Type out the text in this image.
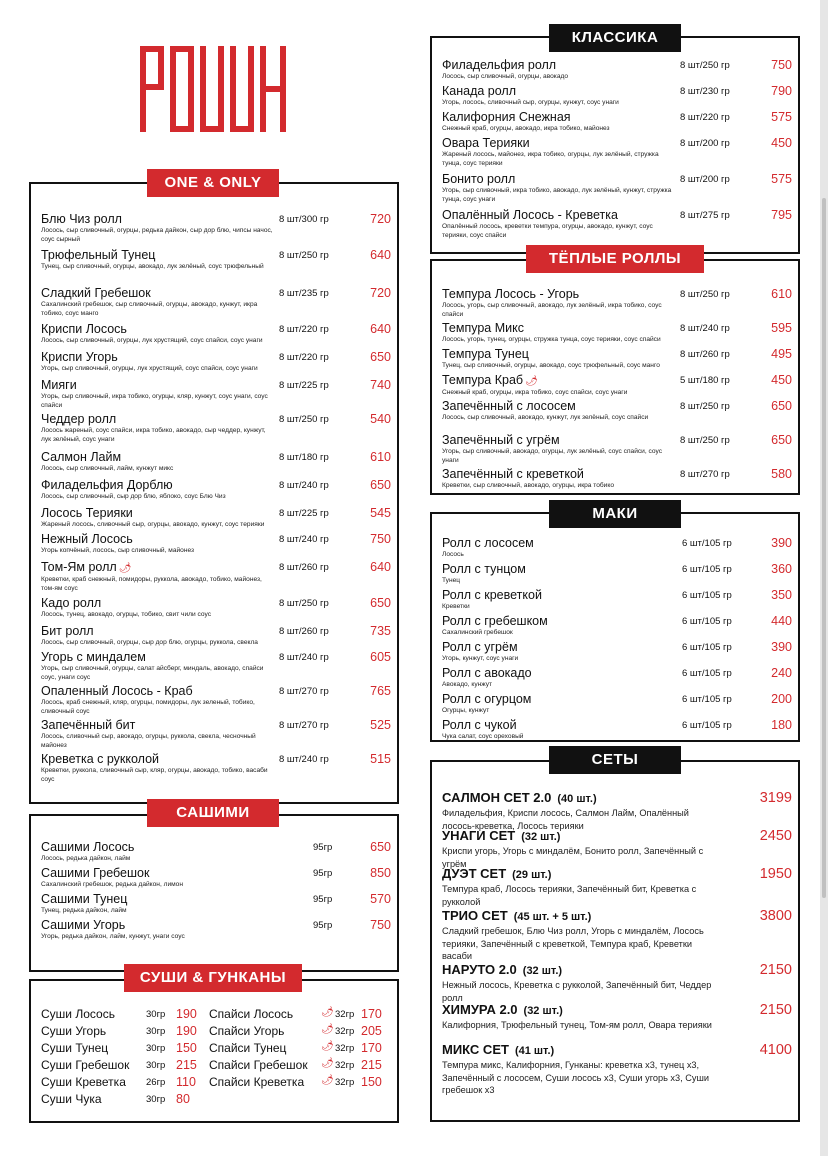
Блю Чиз ролл
Лосось, сыр сливочный, огурцы, редька дайкон, сыр дор блю, чипсы начос, соус сырный
8 шт/300 гр	720
Трюфельный Тунец
Тунец, сыр сливочный, огурцы, авокадо, лук зелёный, соус трюфельный
8 шт/250 гр	640
Сладкий Гребешок
Сахалинский гребешок, сыр сливочный, огурцы, авокадо, кунжут, икра тобико, соус манго
8 шт/235 гр	720
Криспи Лосось
Лосось, сыр сливочный, огурцы, лук хрустящий, соус спайси, соус унаги
8 шт/220 гр	640
Криспи Угорь
Угорь, сыр сливочный, огурцы, лук хрустящий, соус спайси, соус унаги
8 шт/220 гр	650
Мияги
Угорь, сыр сливочный, икра тобико, огурцы, кляр, кунжут, соус унаги, соус спайси
8 шт/225 гр	740
Чеддер ролл
Лосось жареный, соус спайси, икра тобико, авокадо, сыр чеддер, кунжут, лук зелёный, соус унаги
8 шт/250 гр	540
Салмон Лайм
Лосось, сыр сливочный, лайм, кунжут микс
8 шт/180 гр	610
Филадельфия Дорблю
Лосось, сыр сливочный, сыр дор блю, яблоко, соус Блю Чиз
8 шт/240 гр	650
Лосось Терияки
Жареный лосось, сливочный сыр, огурцы, авокадо, кунжут, соус терияки
8 шт/225 гр	545
Нежный Лосось
Угорь копчёный, лосось, сыр сливочный, майонез
8 шт/240 гр	750
Том-Ям ролл 🌶
Креветки, краб снежный, помидоры, руккола, авокадо, тобико, майонез, том-ям соус
8 шт/260 гр	640
Кадо ролл
Лосось, тунец, авокадо, огурцы, тобико, свит чили соус
8 шт/250 гр	650
Бит ролл
Лосось, сыр сливочный, огурцы, сыр дор блю, огурцы, руккола, свекла
8 шт/260 гр	735
Угорь с миндалем
Угорь, сыр сливочный, огурцы, салат айсберг, миндаль, авокадо, спайси соус, унаги соус
8 шт/240 гр	605
Опаленный Лосось - Краб
Лосось, краб снежный, кляр, огурцы, помидоры, лук зеленый, тобико, сливочный соус
8 шт/270 гр	765
Запечённый бит
Лосось, сливочный сыр, авокадо, огурцы, руккола, свекла, чесночный майонез
8 шт/270 гр	525
Креветка с рукколой
Креветки, руккола, сливочный сыр, кляр, огурцы, авокадо, тобико, васаби соус
8 шт/240 гр	515
ONE & ONLY
Сашими Лосось
Лосось, редька дайкон, лайм
95гр	650
Сашими Гребешок
Сахалинский гребешок, редька дайкон, лимон
95гр	850
Сашими Тунец
Тунец, редька дайкон, лайм
95гр	570
Сашими Угорь
Угорь, редька дайкон, лайм, кунжут, унаги соус
95гр	750
САШИМИ
Суши Лосось	30гр 190
Суши Угорь	30гр 190
Суши Тунец	30гр 150
Суши Гребешок 30гр 215
Суши Креветка 26гр 110
Суши Чука	30гр 80
Спайси Лосось	🌶 32гр 170
Спайси Угорь	🌶 32гр 205
Спайси Тунец	🌶 32гр 170
Спайси Гребешок 🌶 32гр 215
Спайси Креветка 🌶 32гр 150
СУШИ & ГУНКАНЫ
Филадельфия ролл
Лосось, сыр сливочный, огурцы, авокадо
8 шт/250 гр	750
Канада ролл
Угорь, лосось, сливочный сыр, огурцы, кунжут, соус унаги
8 шт/230 гр	790
Калифорния Снежная
Снежный краб, огурцы, авокадо, икра тобико, майонез
8 шт/220 гр	575
Овара Терияки
Жареный лосось, майонез, икра тобико, огурцы, лук зелёный, стружка тунца, соус терияки
8 шт/200 гр	450
Бонито ролл
Угорь, сыр сливочный, икра тобико, авокадо, лук зелёный, кунжут, стружка тунца, соус унаги
8 шт/200 гр	575
Опалённый Лосось - Креветка
Опалённый лосось, креветки темпура, огурцы, авокадо, кунжут, соус терияки, соус спайси
8 шт/275 гр	795
КЛАССИКА
Темпура Лосось - Угорь
Лосось, угорь, сыр сливочный, авокадо, лук зелёный, икра тобико, соус спайси
8 шт/250 гр	610
Темпура Микс
Лосось, угорь, тунец, огурцы, стружка тунца, соус терияки, соус спайси
8 шт/240 гр	595
Темпура Тунец
Тунец, сыр сливочный, огурцы, авокадо, соус трюфельный, соус манго
8 шт/260 гр	495
Темпура Краб 🌶
Снежный краб, огурцы, икра тобико, соус спайси, соус унаги
5 шт/180 гр	450
Запечённый с лососем
Лосось, сыр сливочный, авокадо, кунжут, лук зелёный, соус спайси
8 шт/250 гр	650
Запечённый с угрём
Угорь, сыр сливочный, авокадо, огурцы, лук зелёный, соус спайси, соус унаги
8 шт/250 гр	650
Запечённый с креветкой
Креветки, сыр сливочный, авокадо, огурцы, икра тобико
8 шт/270 гр	580
ТЁПЛЫЕ РОЛЛЫ
Ролл с лососем
Лосось
6 шт/105 гр	390
Ролл с тунцом
Тунец
6 шт/105 гр	360
Ролл с креветкой
Креветки
6 шт/105 гр	350
Ролл с гребешком
Сахалинский гребешок
6 шт/105 гр	440
Ролл с угрём
Угорь, кунжут, соус унаги
6 шт/105 гр	390
Ролл с авокадо
Авокадо, кунжут
6 шт/105 гр	240
Ролл с огурцом
Огурцы, кунжут
6 шт/105 гр	200
Ролл с чукой
Чука салат, соус ореховый
6 шт/105 гр	180
МАКИ
САЛМОН СЕТ 2.0 (40 шт.)
Филадельфия, Криспи лосось, Салмон Лайм, Опалённый лосось-креветка, Лосось терияки
3199
УНАГИ СЕТ (32 шт.)
Криспи угорь, Угорь с миндалём, Бонито ролл, Запечённый с угрём
2450
ДУЭТ СЕТ (29 шт.)
Темпура краб, Лосось терияки, Запечённый бит, Креветка с рукколой
1950
ТРИО СЕТ (45 шт. + 5 шт.)
Сладкий гребешок, Блю Чиз ролл, Угорь с миндалём, Лосось терияки, Запечённый с креветкой, Темпура краб, Креветки васаби
3800
НАРУТО 2.0 (32 шт.)
Нежный лосось, Креветка с рукколой, Запечённый бит, Чеддер ролл
2150
ХИМУРА 2.0 (32 шт.)
Калифорния, Трюфельный тунец, Том-ям ролл, Овара терияки
2150
МИКС СЕТ (41 шт.)
Темпура микс, Калифорния, Гунканы: креветка x3, тунец x3, Запечённый с лососем, Суши лосось x3, Суши угорь x3, Суши гребешок x3
4100
СЕТЫ
